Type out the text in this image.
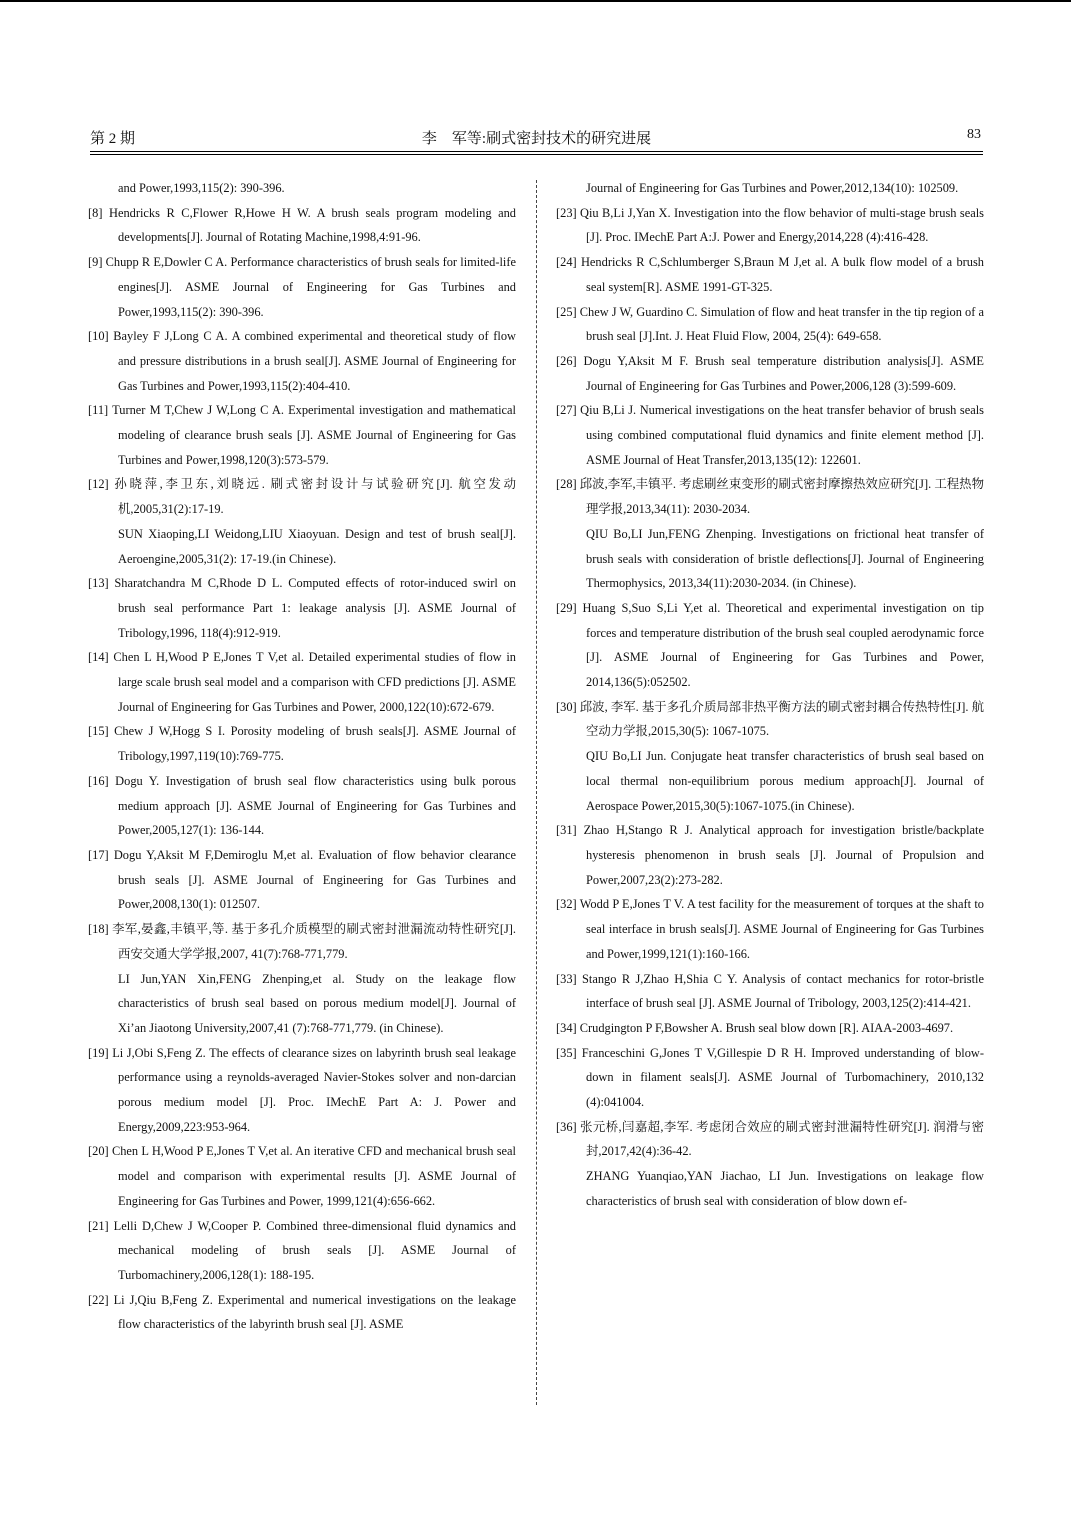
第 2 期	李　军等:刷式密封技术的研究进展	83

and Power,1993,115(2): 390-396.

[8] Hendricks R C,Flower R,Howe H W. A brush seals program modeling and developments[J]. Journal of Rotating Machine,1998,4:91-96.

[9] Chupp R E,Dowler C A. Performance characteristics of brush seals for limited-life engines[J]. ASME Journal of Engineering for Gas Turbines and Power,1993,115(2): 390-396.

[10] Bayley F J,Long C A. A combined experimental and theoretical study of flow and pressure distributions in a brush seal[J]. ASME Journal of Engineering for Gas Turbines and Power,1993,115(2):404-410.

[11] Turner M T,Chew J W,Long C A. Experimental investigation and mathematical modeling of clearance brush seals [J]. ASME Journal of Engineering for Gas Turbines and Power,1998,120(3):573-579.

[12] 孙晓萍,李卫东,刘晓远. 刷式密封设计与试验研究[J]. 航空发动机,2005,31(2):17-19.

SUN Xiaoping,LI Weidong,LIU Xiaoyuan. Design and test of brush seal[J]. Aeroengine,2005,31(2): 17-19.(in Chinese).

[13] Sharatchandra M C,Rhode D L. Computed effects of rotor-induced swirl on brush seal performance Part 1: leakage analysis [J]. ASME Journal of Tribology,1996, 118(4):912-919.

[14] Chen L H,Wood P E,Jones T V,et al. Detailed experimental studies of flow in large scale brush seal model and a comparison with CFD predictions [J]. ASME Journal of Engineering for Gas Turbines and Power, 2000,122(10):672-679.

[15] Chew J W,Hogg S I. Porosity modeling of brush seals[J]. ASME Journal of Tribology,1997,119(10):769-775.

[16] Dogu Y. Investigation of brush seal flow characteristics using bulk porous medium approach [J]. ASME Journal of Engineering for Gas Turbines and Power,2005,127(1): 136-144.

[17] Dogu Y,Aksit M F,Demiroglu M,et al. Evaluation of flow behavior clearance brush seals [J]. ASME Journal of Engineering for Gas Turbines and Power,2008,130(1): 012507.

[18] 李军,晏鑫,丰镇平,等. 基于多孔介质模型的刷式密封泄漏流动特性研究[J]. 西安交通大学学报,2007, 41(7):768-771,779.

LI Jun,YAN Xin,FENG Zhenping,et al. Study on the leakage flow characteristics of brush seal based on porous medium model[J]. Journal of Xi’an Jiaotong University,2007,41 (7):768-771,779. (in Chinese).

[19] Li J,Obi S,Feng Z. The effects of clearance sizes on labyrinth brush seal leakage performance using a reynolds-averaged Navier-Stokes solver and non-darcian porous medium model [J]. Proc. IMechE Part A: J. Power and Energy,2009,223:953-964.

[20] Chen L H,Wood P E,Jones T V,et al. An iterative CFD and mechanical brush seal model and comparison with experimental results [J]. ASME Journal of Engineering for Gas Turbines and Power, 1999,121(4):656-662.

[21] Lelli D,Chew J W,Cooper P. Combined three-dimensional fluid dynamics and mechanical modeling of brush seals [J]. ASME Journal of Turbomachinery,2006,128(1): 188-195.

[22] Li J,Qiu B,Feng Z. Experimental and numerical investigations on the leakage flow characteristics of the labyrinth brush seal [J]. ASME

Journal of Engineering for Gas Turbines and Power,2012,134(10): 102509.

[23] Qiu B,Li J,Yan X. Investigation into the flow behavior of multi-stage brush seals [J]. Proc. IMechE Part A:J. Power and Energy,2014,228 (4):416-428.

[24] Hendricks R C,Schlumberger S,Braun M J,et al. A bulk flow model of a brush seal system[R]. ASME 1991-GT-325.

[25] Chew J W, Guardino C. Simulation of flow and heat transfer in the tip region of a brush seal [J].Int. J. Heat Fluid Flow, 2004, 25(4): 649-658.

[26] Dogu Y,Aksit M F. Brush seal temperature distribution analysis[J]. ASME Journal of Engineering for Gas Turbines and Power,2006,128 (3):599-609.

[27] Qiu B,Li J. Numerical investigations on the heat transfer behavior of brush seals using combined computational fluid dynamics and finite element method [J]. ASME Journal of Heat Transfer,2013,135(12): 122601.

[28] 邱波,李军,丰镇平. 考虑刷丝束变形的刷式密封摩擦热效应研究[J]. 工程热物理学报,2013,34(11): 2030-2034.

QIU Bo,LI Jun,FENG Zhenping. Investigations on frictional heat transfer of brush seals with consideration of bristle deflections[J]. Journal of Engineering Thermophysics, 2013,34(11):2030-2034. (in Chinese).

[29] Huang S,Suo S,Li Y,et al. Theoretical and experimental investigation on tip forces and temperature distribution of the brush seal coupled aerodynamic force [J]. ASME Journal of Engineering for Gas Turbines and Power, 2014,136(5):052502.

[30] 邱波, 李军. 基于多孔介质局部非热平衡方法的刷式密封耦合传热特性[J]. 航空动力学报,2015,30(5): 1067-1075.

QIU Bo,LI Jun. Conjugate heat transfer characteristics of brush seal based on local thermal non-equilibrium porous medium approach[J]. Journal of Aerospace Power,2015,30(5):1067-1075.(in Chinese).

[31] Zhao H,Stango R J. Analytical approach for investigation bristle/backplate hysteresis phenomenon in brush seals [J]. Journal of Propulsion and Power,2007,23(2):273-282.

[32] Wodd P E,Jones T V. A test facility for the measurement of torques at the shaft to seal interface in brush seals[J]. ASME Journal of Engineering for Gas Turbines and Power,1999,121(1):160-166.

[33] Stango R J,Zhao H,Shia C Y. Analysis of contact mechanics for rotor-bristle interface of brush seal [J]. ASME Journal of Tribology, 2003,125(2):414-421.

[34] Crudgington P F,Bowsher A. Brush seal blow down [R]. AIAA-2003-4697.

[35] Franceschini G,Jones T V,Gillespie D R H. Improved understanding of blow-down in filament seals[J]. ASME Journal of Turbomachinery, 2010,132 (4):041004.

[36] 张元桥,闫嘉超,李军. 考虑闭合效应的刷式密封泄漏特性研究[J]. 润滑与密封,2017,42(4):36-42.

ZHANG Yuanqiao,YAN Jiachao, LI Jun. Investigations on leakage flow characteristics of brush seal with consideration of blow down ef-
